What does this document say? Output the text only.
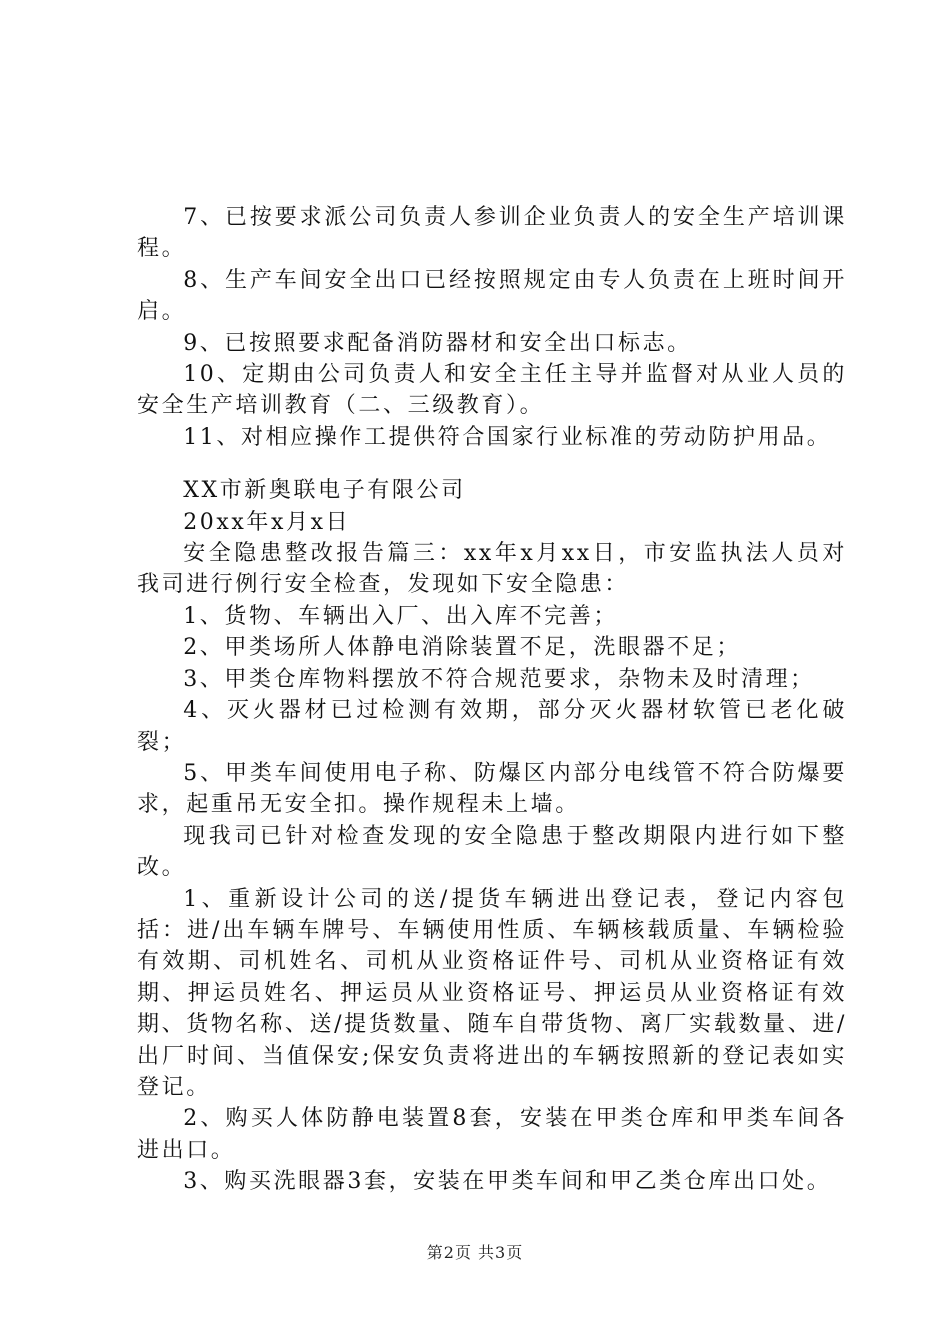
7、已按要求派公司负责人参训企业负责人的安全生产培训课程。

8、生产车间安全出口已经按照规定由专人负责在上班时间开启。

9、已按照要求配备消防器材和安全出口标志。

10、定期由公司负责人和安全主任主导并监督对从业人员的安全生产培训教育（二、三级教育）。

11、对相应操作工提供符合国家行业标准的劳动防护用品。

XX市新奥联电子有限公司

20xx年x月x日

安全隐患整改报告篇三：xx年x月xx日，市安监执法人员对我司进行例行安全检查，发现如下安全隐患：

1、货物、车辆出入厂、出入库不完善；

2、甲类场所人体静电消除装置不足，洗眼器不足；

3、甲类仓库物料摆放不符合规范要求，杂物未及时清理；

4、灭火器材已过检测有效期，部分灭火器材软管已老化破裂；

5、甲类车间使用电子称、防爆区内部分电线管不符合防爆要求，起重吊无安全扣。操作规程未上墙。

现我司已针对检查发现的安全隐患于整改期限内进行如下整改。

1、重新设计公司的送/提货车辆进出登记表，登记内容包括：进/出车辆车牌号、车辆使用性质、车辆核载质量、车辆检验有效期、司机姓名、司机从业资格证件号、司机从业资格证有效期、押运员姓名、押运员从业资格证号、押运员从业资格证有效期、货物名称、送/提货数量、随车自带货物、离厂实载数量、进/出厂时间、当值保安;保安负责将进出的车辆按照新的登记表如实登记。

2、购买人体防静电装置8套，安装在甲类仓库和甲类车间各进出口。

3、购买洗眼器3套，安装在甲类车间和甲乙类仓库出口处。

第2页 共3页
